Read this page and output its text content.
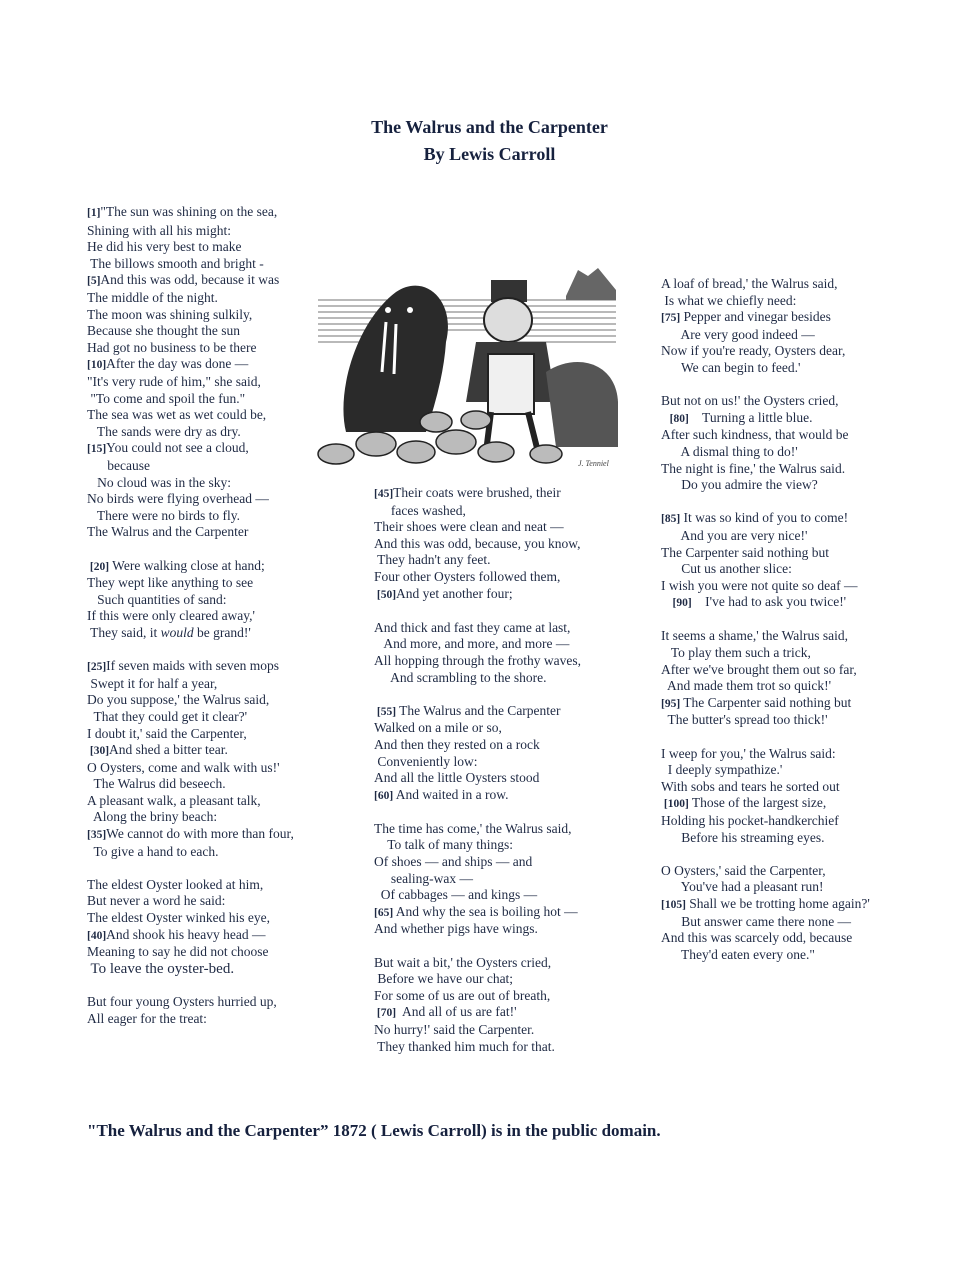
The Walrus and the Carpenter
By Lewis Carroll
[1]"The sun was shining on the sea,
Shining with all his might:
He did his very best to make
The billows smooth and bright -
[5]And this was odd, because it was
The middle of the night.
The moon was shining sulkily,
Because she thought the sun
Had got no business to be there
[10]After the day was done —
"It's very rude of him," she said,
"To come and spoil the fun."
The sea was wet as wet could be,
The sands were dry as dry.
[15]You could not see a cloud,
because
No cloud was in the sky:
No birds were flying overhead —
There were no birds to fly.
The Walrus and the Carpenter
[20] Were walking close at hand;
They wept like anything to see
Such quantities of sand:
If this were only cleared away,'
They said, it would be grand!'
[25]If seven maids with seven mops
Swept it for half a year,
Do you suppose,' the Walrus said,
That they could get it clear?'
I doubt it,' said the Carpenter,
[30]And shed a bitter tear.
O Oysters, come and walk with us!'
The Walrus did beseech.
A pleasant walk, a pleasant talk,
Along the briny beach:
[35]We cannot do with more than four,
To give a hand to each.
The eldest Oyster looked at him,
But never a word he said:
The eldest Oyster winked his eye,
[40]And shook his heavy head —
Meaning to say he did not choose
To leave the oyster-bed.
But four young Oysters hurried up,
All eager for the treat:
J. Tenniel
[45]Their coats were brushed, their
faces washed,
Their shoes were clean and neat —
And this was odd, because, you know,
They hadn't any feet.
Four other Oysters followed them,
[50]And yet another four;
And thick and fast they came at last,
And more, and more, and more —
All hopping through the frothy waves,
And scrambling to the shore.
[55] The Walrus and the Carpenter
Walked on a mile or so,
And then they rested on a rock
Conveniently low:
And all the little Oysters stood
[60] And waited in a row.
The time has come,' the Walrus said,
To talk of many things:
Of shoes — and ships — and
sealing-wax —
Of cabbages — and kings —
[65] And why the sea is boiling hot —
And whether pigs have wings.
But wait a bit,' the Oysters cried,
Before we have our chat;
For some of us are out of breath,
[70]  And all of us are fat!'
No hurry!' said the Carpenter.
They thanked him much for that.
A loaf of bread,' the Walrus said,
Is what we chiefly need:
[75] Pepper and vinegar besides
Are very good indeed —
Now if you're ready, Oysters dear,
We can begin to feed.'
But not on us!' the Oysters cried,
[80]    Turning a little blue.
After such kindness, that would be
A dismal thing to do!'
The night is fine,' the Walrus said.
Do you admire the view?
[85] It was so kind of you to come!
And you are very nice!'
The Carpenter said nothing but
Cut us another slice:
I wish you were not quite so deaf —
[90]    I've had to ask you twice!'
It seems a shame,' the Walrus said,
To play them such a trick,
After we've brought them out so far,
And made them trot so quick!'
[95] The Carpenter said nothing but
The butter's spread too thick!'
I weep for you,' the Walrus said:
I deeply sympathize.'
With sobs and tears he sorted out
[100] Those of the largest size,
Holding his pocket-handkerchief
Before his streaming eyes.
O Oysters,' said the Carpenter,
You've had a pleasant run!
[105] Shall we be trotting home again?'
But answer came there none —
And this was scarcely odd, because
They'd eaten every one."
"The Walrus and the Carpenter” 1872 ( Lewis Carroll) is in the public domain.
